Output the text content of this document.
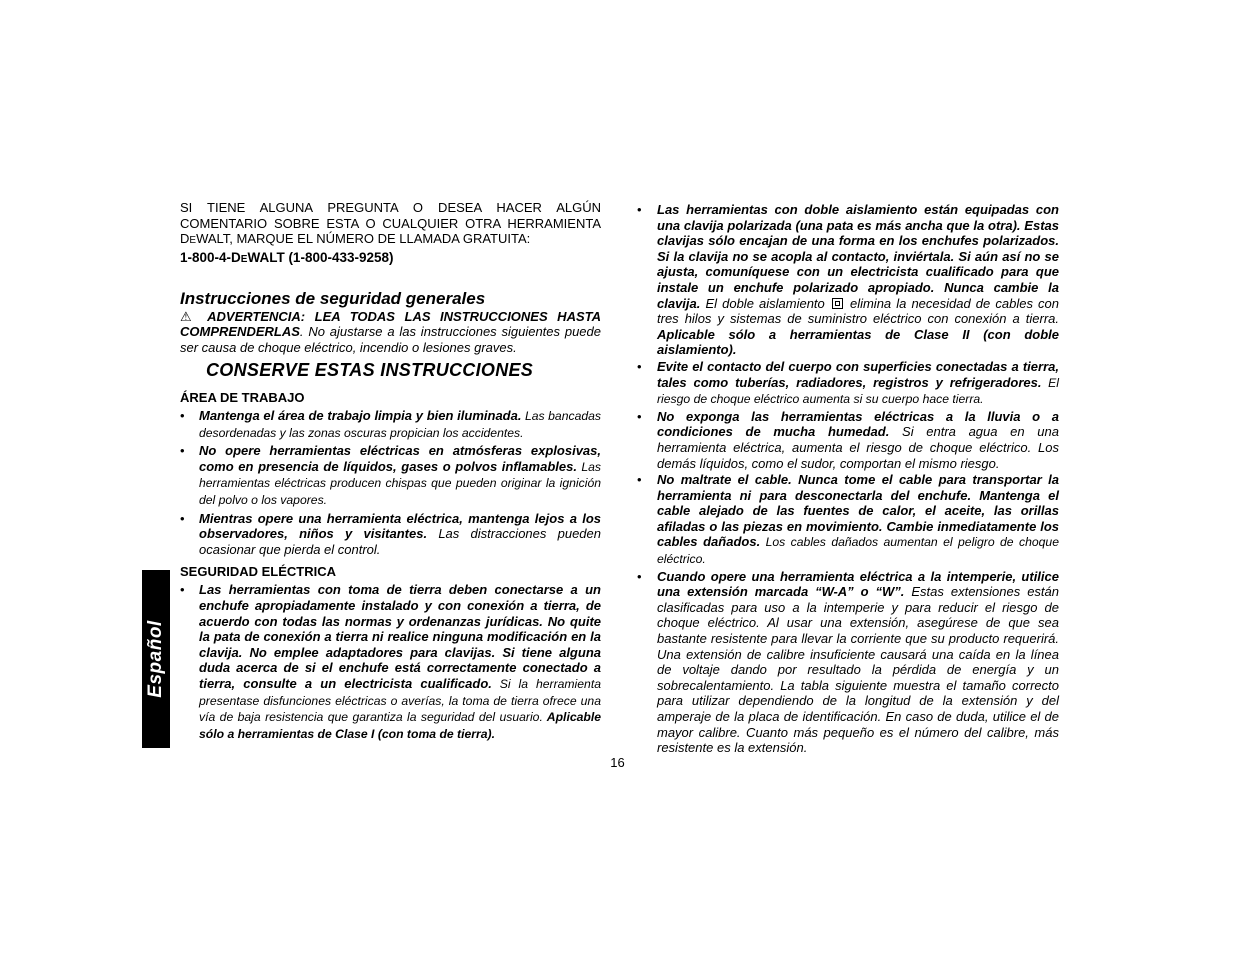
SI TIENE ALGUNA PREGUNTA O DESEA HACER ALGÚN

COMENTARIO SOBRE ESTA O CUALQUIER OTRA HERRAMIENTA

DEWALT, MARQUE EL NÚMERO DE LLAMADA GRATUITA:

1-800-4-DEWALT (1-800-433-9258)

Instrucciones de seguridad generales

⚠ ADVERTENCIA: LEA TODAS LAS INSTRUCCIONES HASTA COMPRENDERLAS. No ajustarse a las instrucciones siguientes puede ser causa de choque eléctrico, incendio o lesiones graves.

CONSERVE ESTAS INSTRUCCIONES

ÁREA DE TRABAJO

• Mantenga el área de trabajo limpia y bien iluminada. Las bancadas desordenadas y las zonas oscuras propician los accidentes.
• No opere herramientas eléctricas en atmósferas explosivas, como en presencia de líquidos, gases o polvos inflamables. Las herramientas eléctricas producen chispas que pueden originar la ignición del polvo o los vapores.
• Mientras opere una herramienta eléctrica, mantenga lejos a los observadores, niños y visitantes. Las distracciones pueden ocasionar que pierda el control.

SEGURIDAD ELÉCTRICA

• Las herramientas con toma de tierra deben conectarse a un enchufe apropiadamente instalado y con conexión a tierra, de acuerdo con todas las normas y ordenanzas jurídicas. No quite la pata de conexión a tierra ni realice ninguna modificación en la clavija. No emplee adaptadores para clavijas. Si tiene alguna duda acerca de si el enchufe está correctamente conectado a tierra, consulte a un electricista cualificado. Si la herramienta presentase disfunciones eléctricas o averías, la toma de tierra ofrece una vía de baja resistencia que garantiza la seguridad del usuario. Aplicable sólo a herramientas de Clase I (con toma de tierra).
• Las herramientas con doble aislamiento están equipadas con una clavija polarizada (una pata es más ancha que la otra). Estas clavijas sólo encajan de una forma en los enchufes polarizados. Si la clavija no se acopla al contacto, inviértala. Si aún así no se ajusta, comuníquese con un electricista cualificado para que instale un enchufe polarizado apropiado. Nunca cambie la clavija. El doble aislamiento  elimina la necesidad de cables con tres hilos y sistemas de suministro eléctrico con conexión a tierra. Aplicable sólo a herramientas de Clase II (con doble aislamiento).
• Evite el contacto del cuerpo con superficies conectadas a tierra, tales como tuberías, radiadores, registros y refrigeradores. El riesgo de choque eléctrico aumenta si su cuerpo hace tierra.
• No exponga las herramientas eléctricas a la lluvia o a condiciones de mucha humedad. Si entra agua en una herramienta eléctrica, aumenta el riesgo de choque eléctrico. Los demás líquidos, como el sudor, comportan el mismo riesgo.
• No maltrate el cable. Nunca tome el cable para transportar la herramienta ni para desconectarla del enchufe. Mantenga el cable alejado de las fuentes de calor, el aceite, las orillas afiladas o las piezas en movimiento. Cambie inmediatamente los cables dañados. Los cables dañados aumentan el peligro de choque eléctrico.
• Cuando opere una herramienta eléctrica a la intemperie, utilice una extensión marcada “W-A” o “W”. Estas extensiones están clasificadas para uso a la intemperie y para reducir el riesgo de choque eléctrico. Al usar una extensión, asegúrese de que sea bastante resistente para llevar la corriente que su producto requerirá. Una extensión de calibre insuficiente causará una caída en la línea de voltaje dando por resultado la pérdida de energía y un sobrecalentamiento. La tabla siguiente muestra el tamaño correcto para utilizar dependiendo de la longitud de la extensión y del amperaje de la placa de identificación. En caso de duda, utilice el de mayor calibre. Cuanto más pequeño es el número del calibre, más resistente es la extensión.
16
Español
